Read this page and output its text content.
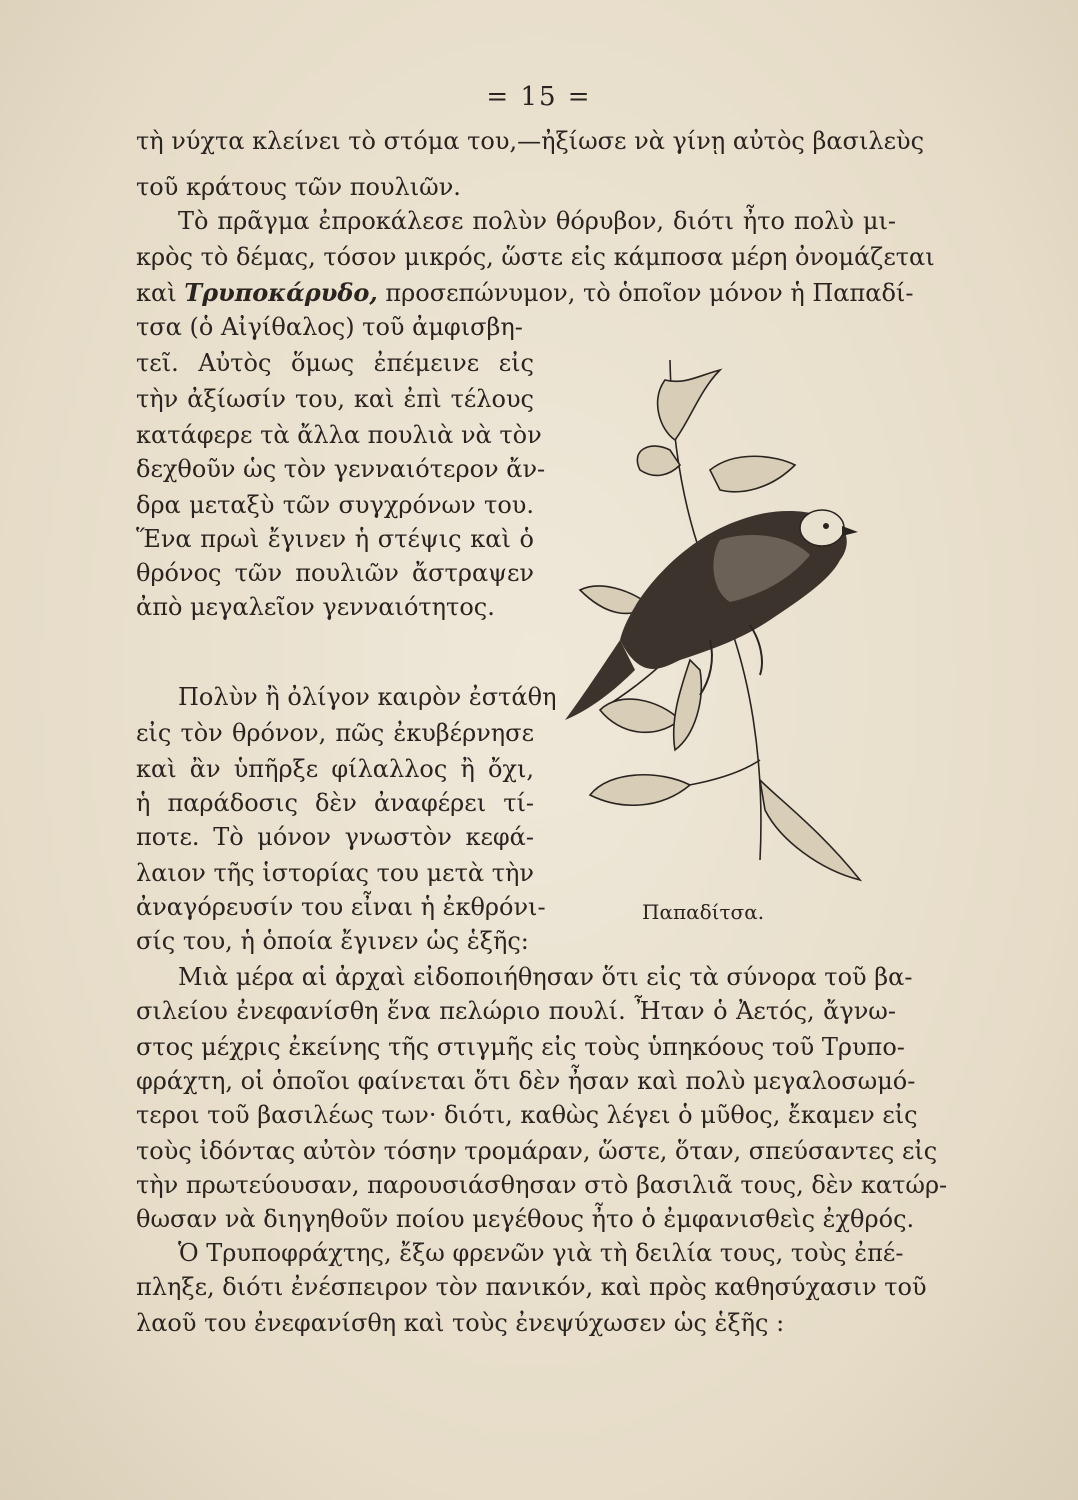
= 15 =
τὴ νύχτα κλείνει τὸ στόμα του,—ἠξίωσε νὰ γίνῃ αὐτὸς βασιλεὺς
τοῦ κράτους τῶν πουλιῶν.
Τὸ πρᾶγμα ἐπροκάλεσε πολὺν θόρυβον, διότι ἦτο πολὺ μι-
κρὸς τὸ δέμας, τόσον μικρός, ὥστε εἰς κάμποσα μέρη ὀνομάζεται
καὶ Τρυποκάρυδο, προσεπώνυμον, τὸ ὁποῖον μόνον ἡ Παπαδί-
τσα (ὁ Αἰγίθαλος) τοῦ ἀμφισβη-
τεῖ. Αὐτὸς ὅμως ἐπέμεινε εἰς
τὴν ἀξίωσίν του, καὶ ἐπὶ τέλους
κατάφερε τὰ ἄλλα πουλιὰ νὰ τὸν
δεχθοῦν ὡς τὸν γενναιότερον ἄν-
δρα μεταξὺ τῶν συγχρόνων του.
Ἕνα πρωὶ ἔγινεν ἡ στέψις καὶ ὁ
θρόνος τῶν πουλιῶν ἄστραψεν
ἀπὸ μεγαλεῖον γενναιότητος.
Πολὺν ἢ ὀλίγον καιρὸν ἐστάθη
εἰς τὸν θρόνον, πῶς ἐκυβέρνησε
καὶ ἂν ὑπῆρξε φίλαλλος ἢ ὄχι,
ἡ παράδοσις δὲν ἀναφέρει τί-
ποτε. Τὸ μόνον γνωστὸν κεφά-
λαιον τῆς ἱστορίας του μετὰ τὴν
ἀναγόρευσίν του εἶναι ἡ ἐκθρόνι-
σίς του, ἡ ὁποία ἔγινεν ὡς ἑξῆς:
Μιὰ μέρα αἱ ἀρχαὶ εἰδοποιήθησαν ὅτι εἰς τὰ σύνορα τοῦ βα-
σιλείου ἐνεφανίσθη ἕνα πελώριο πουλί. Ἦταν ὁ Ἀετός, ἄγνω-
στος μέχρις ἐκείνης τῆς στιγμῆς εἰς τοὺς ὑπηκόους τοῦ Τρυπο-
φράχτη, οἱ ὁποῖοι φαίνεται ὅτι δὲν ἦσαν καὶ πολὺ μεγαλοσωμό-
τεροι τοῦ βασιλέως των· διότι, καθὼς λέγει ὁ μῦθος, ἔκαμεν εἰς
τοὺς ἰδόντας αὐτὸν τόσην τρομάραν, ὥστε, ὅταν, σπεύσαντες εἰς
τὴν πρωτεύουσαν, παρουσιάσθησαν στὸ βασιλιᾶ τους, δὲν κατώρ-
θωσαν νὰ διηγηθοῦν ποίου μεγέθους ἦτο ὁ ἐμφανισθεὶς ἐχθρός.
Ὁ Τρυποφράχτης, ἔξω φρενῶν γιὰ τὴ δειλία τους, τοὺς ἐπέ-
πληξε, διότι ἐνέσπειρον τὸν πανικόν, καὶ πρὸς καθησύχασιν τοῦ
λαοῦ του ἐνεφανίσθη καὶ τοὺς ἐνεψύχωσεν ὡς ἑξῆς :
Παπαδίτσα.
